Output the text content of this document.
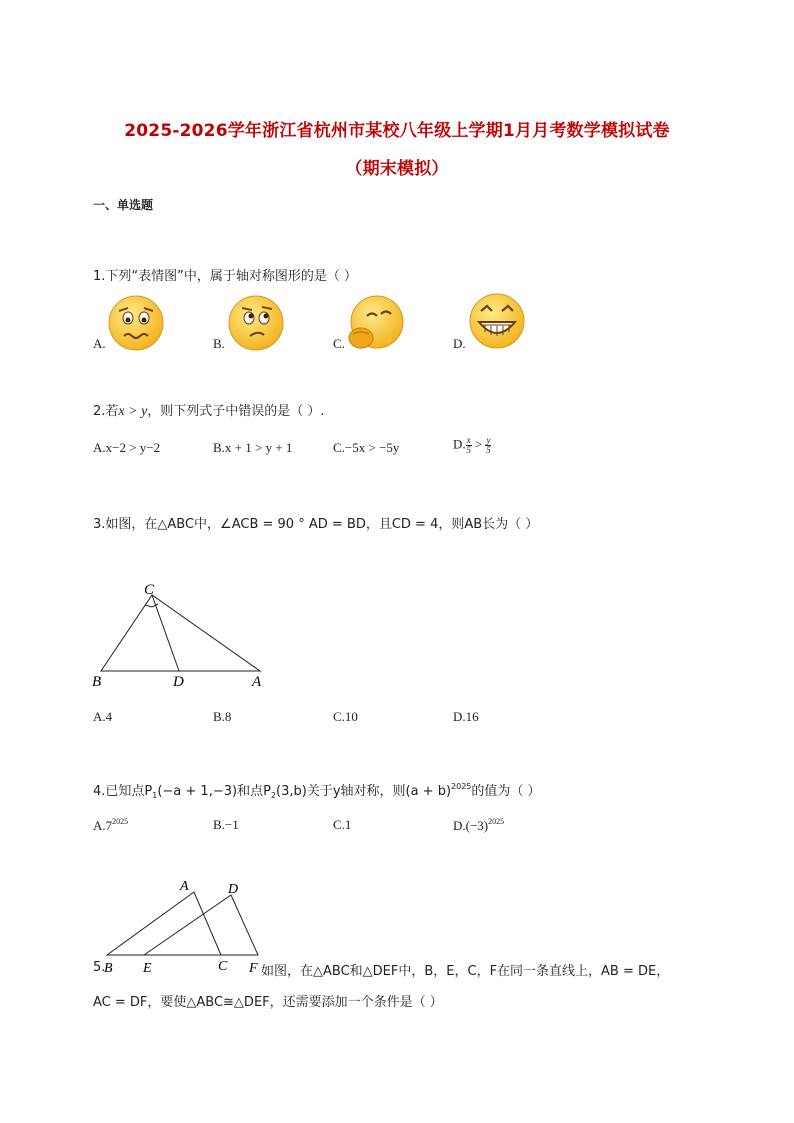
2025-2026学年浙江省杭州市某校八年级上学期1月月考数学模拟试卷
（期末模拟）
一、单选题
1.下列“表情图”中，属于轴对称图形的是（ ）
A.	B.	C.	D.
2.若x > y，则下列式子中错误的是（ ）.
A.x−2 > y−2	B.x + 1 > y + 1	C.−5x > −5y	D. $\frac{x}{5} > \frac{y}{5}$
3.如图，在△ABC中，∠ACB = 90 ° AD = BD，且CD = 4，则AB长为（ ）
C
B	D	A
A.4	B.8	C.10	D.16
4.已知点$P_1(-a + 1,-3)$和点$P_2(3,b)$关于y轴对称，则$(a + b)^{2025}$的值为（ ）
$A.7^{2025}$	B.−1	C.1	$D.(-3)^{2025}$
A	D
B E	C F
5.	如图，在△ABC和△DEF中，B，E，C，F在同一条直线上，AB = DE，
AC = DF，要使△ABC≅△DEF，还需要添加一个条件是（ ）
